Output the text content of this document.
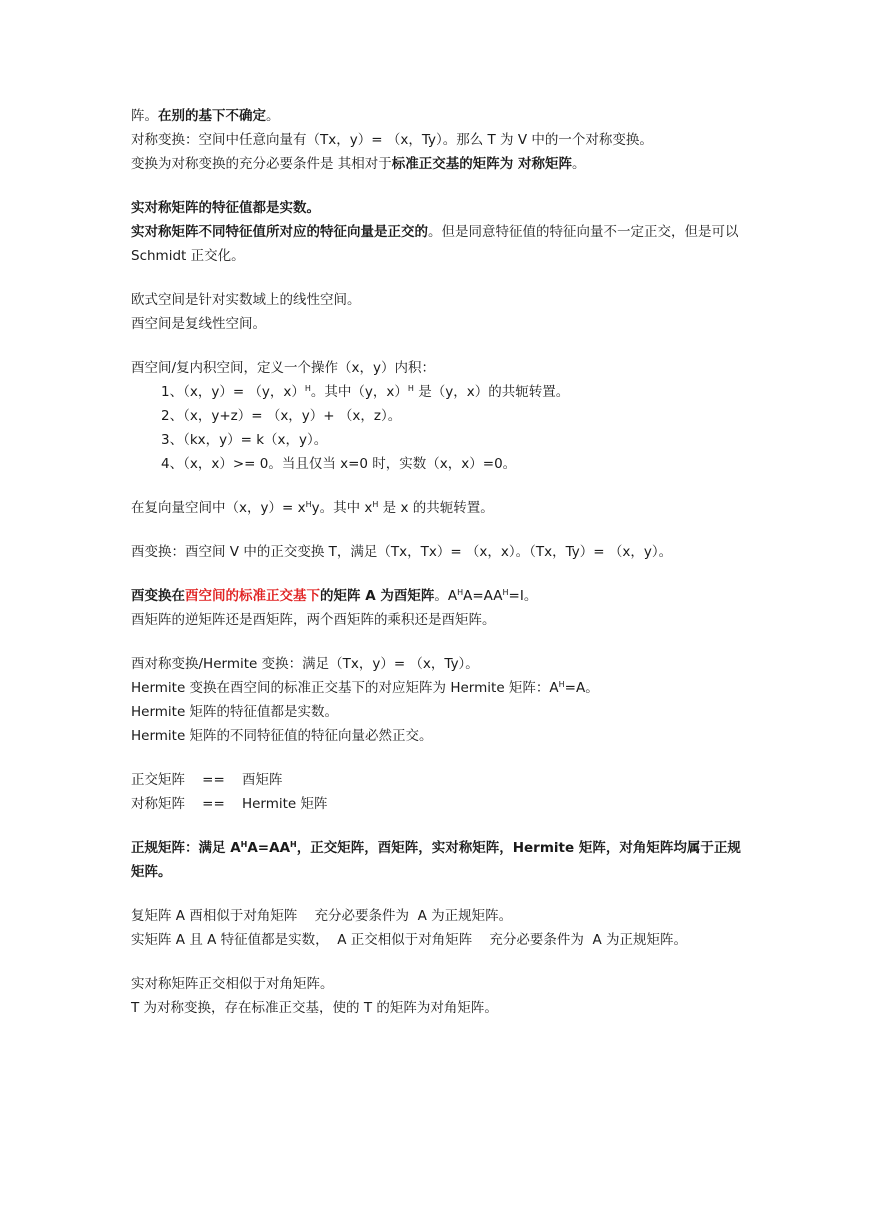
阵。在别的基下不确定。
对称变换：空间中任意向量有（Tx，y）= （x，Ty）。那么 T 为 V 中的一个对称变换。
变换为对称变换的充分必要条件是 其相对于标准正交基的矩阵为 对称矩阵。
实对称矩阵的特征值都是实数。
实对称矩阵不同特征值所对应的特征向量是正交的。但是同意特征值的特征向量不一定正交，但是可以 Schmidt 正交化。
欧式空间是针对实数域上的线性空间。
酉空间是复线性空间。
酉空间/复内积空间，定义一个操作（x，y）内积：
1、（x，y）= （y，x）$^H$。其中（y，x）$^H$ 是（y，x）的共轭转置。
2、（x，y+z）= （x，y）+ （x，z）。
3、（kx，y）= k（x，y）。
4、（x，x）>= 0。当且仅当 x=0 时，实数（x，x）=0。
在复向量空间中（x，$y)= x^Hy$。其中 $x^H$ 是 x 的共轭转置。
酉变换：酉空间 V 中的正交变换 T，满足（Tx，Tx）= （x，x）。（Tx，Ty）= （x，y）。
酉变换在酉空间的标准正交基下的矩阵 A 为酉矩阵。$A^HA=AA^H=I$。
酉矩阵的逆矩阵还是酉矩阵，两个酉矩阵的乘积还是酉矩阵。
酉对称变换/Hermite 变换：满足（Tx，y）= （x，Ty）。
Hermite 变换在酉空间的标准正交基下的对应矩阵为 Hermite 矩阵：$A^H=A$。
Hermite 矩阵的特征值都是实数。
Hermite 矩阵的不同特征值的特征向量必然正交。
正交矩阵    ==    酉矩阵
对称矩阵    ==    Hermite 矩阵
正规矩阵：满足 $A^HA=AA^H$，正交矩阵，酉矩阵，实对称矩阵，Hermite 矩阵，对角矩阵均属于正规矩阵。
复矩阵 A 酉相似于对角矩阵    充分必要条件为  A 为正规矩阵。
实矩阵 A 且 A 特征值都是实数，  A 正交相似于对角矩阵    充分必要条件为  A 为正规矩阵。
实对称矩阵正交相似于对角矩阵。
T 为对称变换，存在标准正交基，使的 T 的矩阵为对角矩阵。
